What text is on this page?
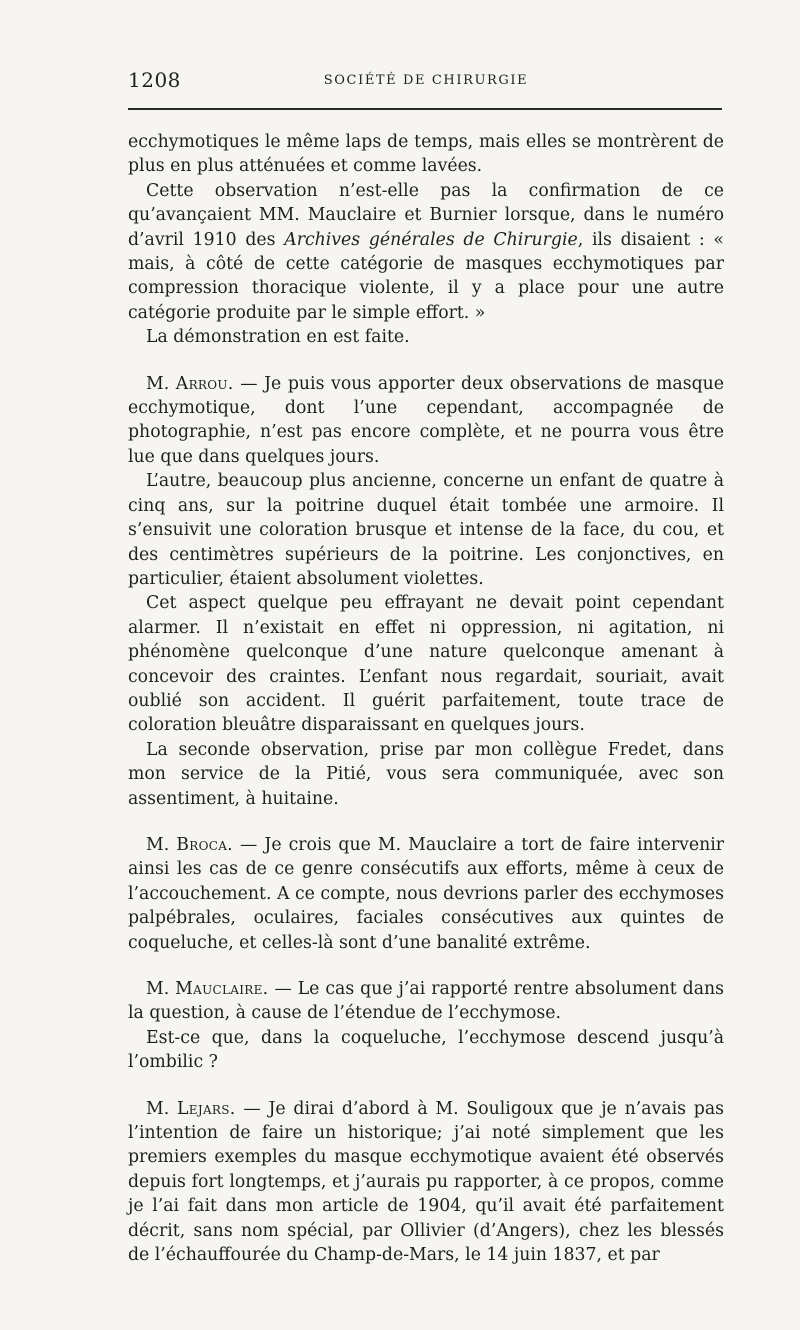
1208	SOCIÉTÉ DE CHIRURGIE

ecchymotiques le même laps de temps, mais elles se montrèrent de plus en plus atténuées et comme lavées.

Cette observation n’est-elle pas la confirmation de ce qu’avançaient MM. Mauclaire et Burnier lorsque, dans le numéro d’avril 1910 des Archives générales de Chirurgie, ils disaient : « mais, à côté de cette catégorie de masques ecchymotiques par compression thoracique violente, il y a place pour une autre catégorie produite par le simple effort. »

La démonstration en est faite.

M. Arrou. — Je puis vous apporter deux observations de masque ecchymotique, dont l’une cependant, accompagnée de photographie, n’est pas encore complète, et ne pourra vous être lue que dans quelques jours.

L’autre, beaucoup plus ancienne, concerne un enfant de quatre à cinq ans, sur la poitrine duquel était tombée une armoire. Il s’ensuivit une coloration brusque et intense de la face, du cou, et des centimètres supérieurs de la poitrine. Les conjonctives, en particulier, étaient absolument violettes.

Cet aspect quelque peu effrayant ne devait point cependant alarmer. Il n’existait en effet ni oppression, ni agitation, ni phénomène quelconque d’une nature quelconque amenant à concevoir des craintes. L’enfant nous regardait, souriait, avait oublié son accident. Il guérit parfaitement, toute trace de coloration bleuâtre disparaissant en quelques jours.

La seconde observation, prise par mon collègue Fredet, dans mon service de la Pitié, vous sera communiquée, avec son assentiment, à huitaine.

M. Broca. — Je crois que M. Mauclaire a tort de faire intervenir ainsi les cas de ce genre consécutifs aux efforts, même à ceux de l’accouchement. A ce compte, nous devrions parler des ecchymoses palpébrales, oculaires, faciales consécutives aux quintes de coqueluche, et celles-là sont d’une banalité extrême.

M. Mauclaire. — Le cas que j’ai rapporté rentre absolument dans la question, à cause de l’étendue de l’ecchymose.

Est-ce que, dans la coqueluche, l’ecchymose descend jusqu’à l’ombilic ?

M. Lejars. — Je dirai d’abord à M. Souligoux que je n’avais pas l’intention de faire un historique; j’ai noté simplement que les premiers exemples du masque ecchymotique avaient été observés depuis fort longtemps, et j’aurais pu rapporter, à ce propos, comme je l’ai fait dans mon article de 1904, qu’il avait été parfaitement décrit, sans nom spécial, par Ollivier (d’Angers), chez les blessés de l’échauffourée du Champ-de-Mars, le 14 juin 1837, et par
